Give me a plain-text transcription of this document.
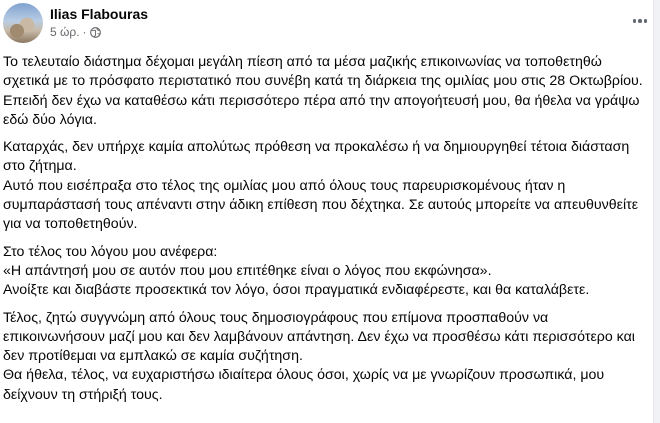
Ilias Flabouras
5 ώρ. ·

Το τελευταίο διάστημα δέχομαι μεγάλη πίεση από τα μέσα μαζικής επικοινωνίας να τοποθετηθώ σχετικά με το πρόσφατο περιστατικό που συνέβη κατά τη διάρκεια της ομιλίας μου στις 28 Οκτωβρίου.
Επειδή δεν έχω να καταθέσω κάτι περισσότερο πέρα από την απογοήτευσή μου, θα ήθελα να γράψω εδώ δύο λόγια.

Καταρχάς, δεν υπήρχε καμία απολύτως πρόθεση να προκαλέσω ή να δημιουργηθεί τέτοια διάσταση στο ζήτημα.
Αυτό που εισέπραξα στο τέλος της ομιλίας μου από όλους τους παρευρισκομένους ήταν η συμπαράστασή τους απέναντι στην άδικη επίθεση που δέχτηκα. Σε αυτούς μπορείτε να απευθυνθείτε για να τοποθετηθούν.

Στο τέλος του λόγου μου ανέφερα:
«Η απάντησή μου σε αυτόν που μου επιτέθηκε είναι ο λόγος που εκφώνησα».
Ανοίξτε και διαβάστε προσεκτικά τον λόγο, όσοι πραγματικά ενδιαφέρεστε, και θα καταλάβετε.

Τέλος, ζητώ συγγνώμη από όλους τους δημοσιογράφους που επίμονα προσπαθούν να επικοινωνήσουν μαζί μου και δεν λαμβάνουν απάντηση. Δεν έχω να προσθέσω κάτι περισσότερο και δεν προτίθεμαι να εμπλακώ σε καμία συζήτηση.
Θα ήθελα, τέλος, να ευχαριστήσω ιδιαίτερα όλους όσοι, χωρίς να με γνωρίζουν προσωπικά, μου δείχνουν τη στήριξή τους.
